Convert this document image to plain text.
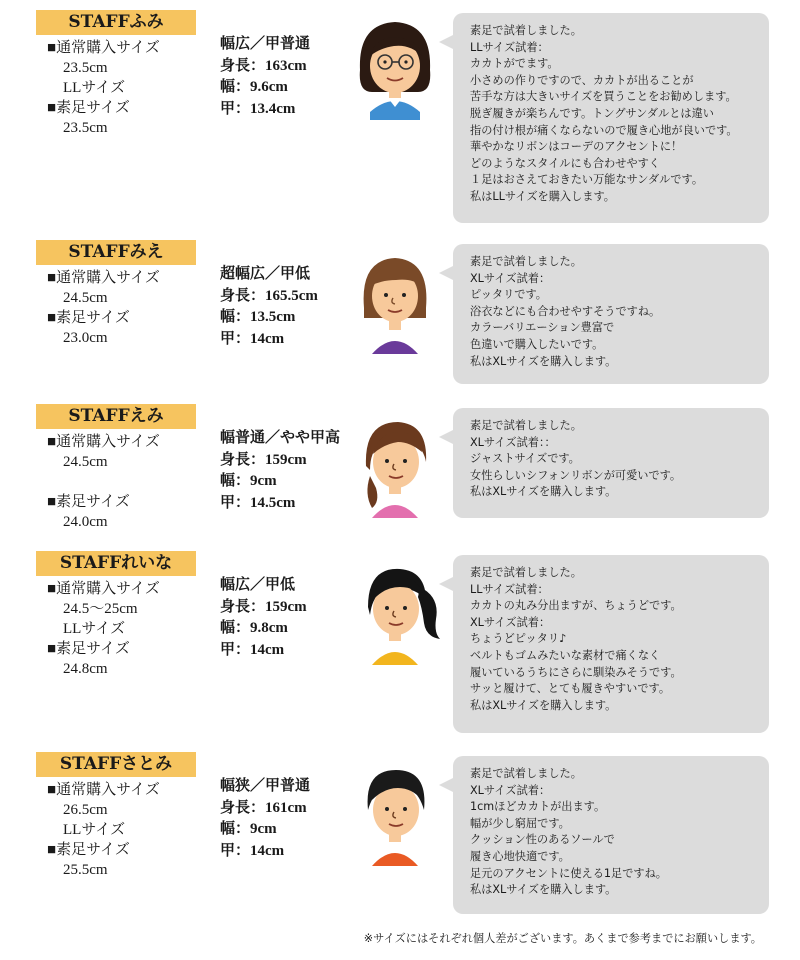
STAFFふみ
■ 通常購入サイズ
23.5cm
LLサイズ
■ 素足サイズ
23.5cm
幅広／甲普通
身長：163cm
幅：9.6cm
甲：13.4cm
素足で試着しました。
LLサイズ試着：
カカトがでます。
小さめの作りですので、カカトが出ることが
苦手な方は大きいサイズを買うことをお勧めします。
脱ぎ履きが楽ちんです。トングサンダルとは違い
指の付け根が痛くならないので履き心地が良いです。
華やかなリボンはコーデのアクセントに！
どのようなスタイルにも合わせやすく
１足はおさえておきたい万能なサンダルです。
私はLLサイズを購入します。
STAFFみえ
■ 通常購入サイズ
24.5cm
■ 素足サイズ
23.0cm
超幅広／甲低
身長：165.5cm
幅：13.5cm
甲：14cm
素足で試着しました。
XLサイズ試着：
ピッタリです。
浴衣などにも合わせやすそうですね。
カラーバリエーション豊富で
色違いで購入したいです。
私はXLサイズを購入します。
STAFFえみ
■ 通常購入サイズ
24.5cm
■ 素足サイズ
24.0cm
幅普通／やや甲高
身長：159cm
幅：9cm
甲：14.5cm
素足で試着しました。
XLサイズ試着：：
ジャストサイズです。
女性らしいシフォンリボンが可愛いです。
私はXLサイズを購入します。
STAFFれいな
■ 通常購入サイズ
24.5～25cm
LLサイズ
■ 素足サイズ
24.8cm
幅広／甲低
身長：159cm
幅：9.8cm
甲：14cm
素足で試着しました。
LLサイズ試着：
カカトの丸み分出ますが、ちょうどです。
XLサイズ試着：
ちょうどピッタリ♪
ベルトもゴムみたいな素材で痛くなく
履いているうちにさらに馴染みそうです。
サッと履けて、とても履きやすいです。
私はXLサイズを購入します。
STAFFさとみ
■ 通常購入サイズ
26.5cm
LLサイズ
■ 素足サイズ
25.5cm
幅狭／甲普通
身長：161cm
幅：9cm
甲：14cm
素足で試着しました。
XLサイズ試着：
1cmほどカカトが出ます。
幅が少し窮屈です。
クッション性のあるソールで
履き心地快適です。
足元のアクセントに使える1足ですね。
私はXLサイズを購入します。
※サイズにはそれぞれ個人差がございます。あくまで参考までにお願いします。
